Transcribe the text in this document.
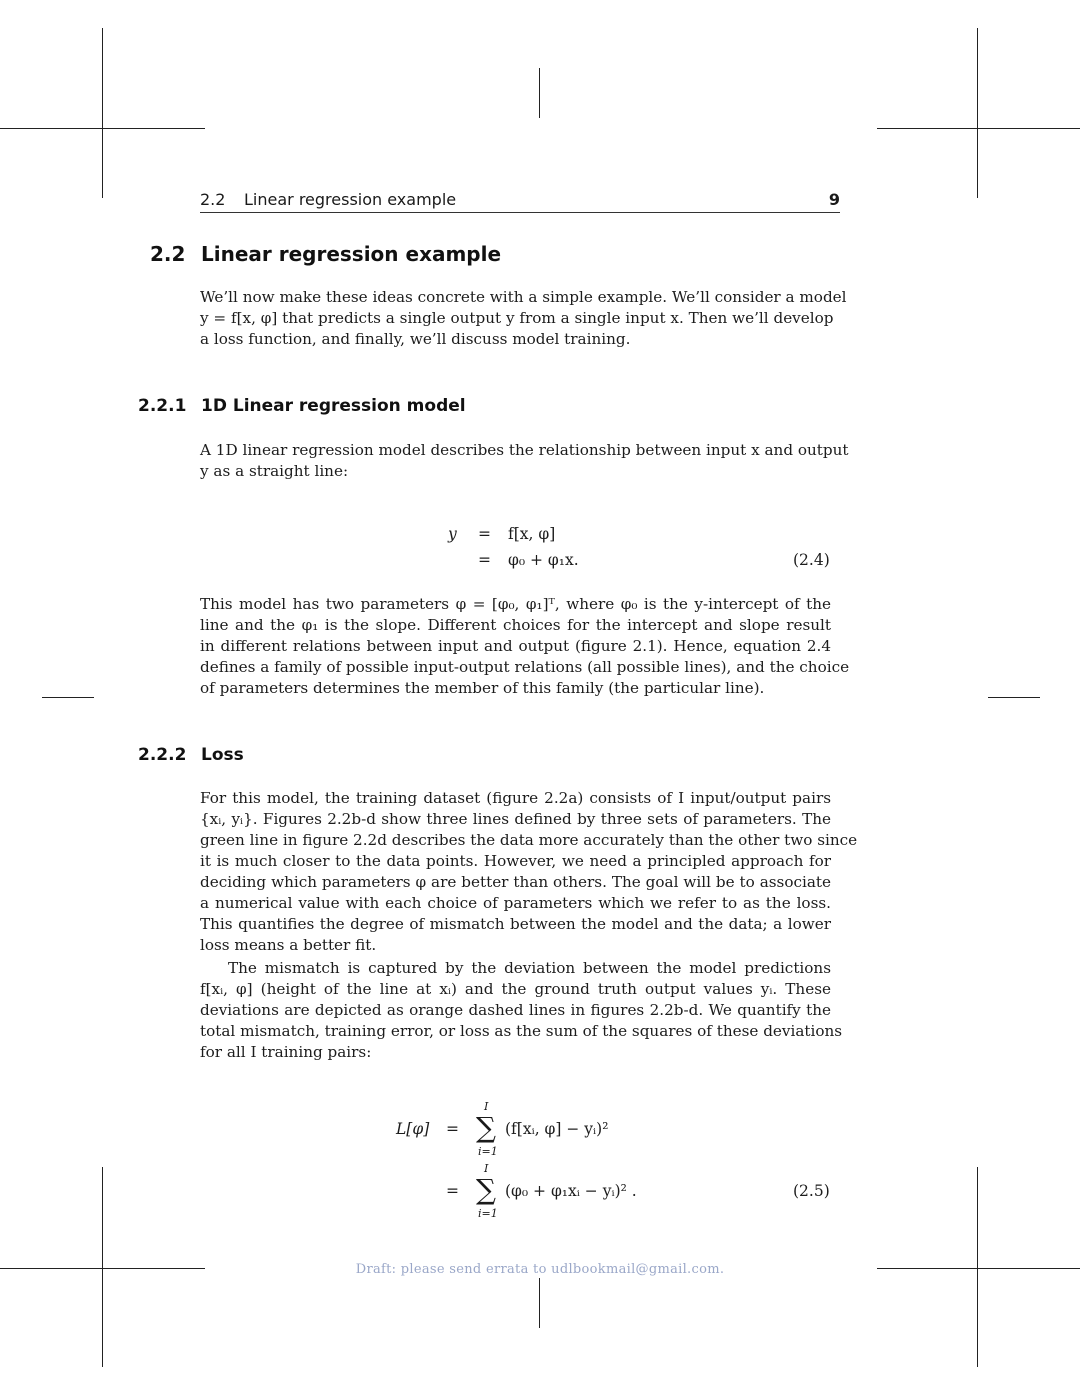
2.2 Linear regression example	9
2.2 Linear regression example
We’ll now make these ideas concrete with a simple example. We’ll consider a model
y = f[x, φ] that predicts a single output y from a single input x. Then we’ll develop
a loss function, and finally, we’ll discuss model training.
2.2.1 1D Linear regression model
A 1D linear regression model describes the relationship between input x and output
y as a straight line:
y = f[x, φ]
= φ₀ + φ₁x.	(2.4)
This model has two parameters φ = [φ₀, φ₁]ᵀ, where φ₀ is the y-intercept of the
line and the φ₁ is the slope. Different choices for the intercept and slope result
in different relations between input and output (figure 2.1). Hence, equation 2.4
defines a family of possible input-output relations (all possible lines), and the choice
of parameters determines the member of this family (the particular line).
2.2.2 Loss
For this model, the training dataset (figure 2.2a) consists of I input/output pairs
{xᵢ, yᵢ}. Figures 2.2b-d show three lines defined by three sets of parameters. The
green line in figure 2.2d describes the data more accurately than the other two since
it is much closer to the data points. However, we need a principled approach for
deciding which parameters φ are better than others. The goal will be to associate
a numerical value with each choice of parameters which we refer to as the loss.
This quantifies the degree of mismatch between the model and the data; a lower
loss means a better fit.
The mismatch is captured by the deviation between the model predictions
f[xᵢ, φ] (height of the line at xᵢ) and the ground truth output values yᵢ. These
deviations are depicted as orange dashed lines in figures 2.2b-d. We quantify the
total mismatch, training error, or loss as the sum of the squares of these deviations
for all I training pairs:
L[φ] =
I
∑
i=1
(f[xᵢ, φ] − yᵢ)²
=
I
∑
i=1
(φ₀ + φ₁xᵢ − yᵢ)² .	(2.5)
Draft: please send errata to udlbookmail@gmail.com.
